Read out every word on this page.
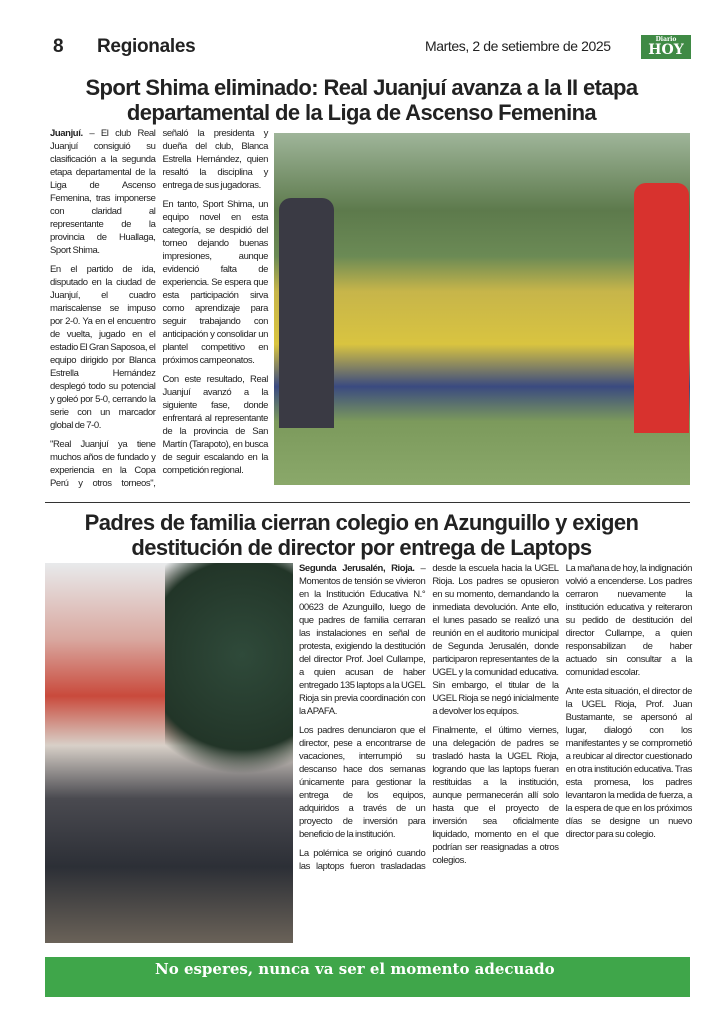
8 Regionales	Martes, 2 de setiembre de 2025	Diario
HOY
Sport Shima eliminado: Real Juanjuí avanza a la II etapa departamental de la Liga de Ascenso Femenina

Juanjuí. – El club Real Juanjuí consiguió su clasificación a la segunda etapa departamental de la Liga de Ascenso Femenina, tras imponerse con claridad al representante de la provincia de Huallaga, Sport Shima.

En el partido de ida, disputado en la ciudad de Juanjuí, el cuadro mariscalense se impuso por 2-0. Ya en el encuentro de vuelta, jugado en el estadio El Gran Saposoa, el equipo dirigido por Blanca Estrella Hernández desplegó todo su potencial y goleó por 5-0, cerrando la serie con un marcador global de 7-0.

"Real Juanjuí ya tiene muchos años de fundado y experiencia en la Copa Perú y otros torneos", señaló la presidenta y dueña del club, Blanca Estrella Hernández, quien resaltó la disciplina y entrega de sus jugadoras.

En tanto, Sport Shima, un equipo novel en esta categoría, se despidió del torneo dejando buenas impresiones, aunque evidenció falta de experiencia. Se espera que esta participación sirva como aprendizaje para seguir trabajando con anticipación y consolidar un plantel competitivo en próximos campeonatos.

Con este resultado, Real Juanjuí avanzó a la siguiente fase, donde enfrentará al representante de la provincia de San Martín (Tarapoto), en busca de seguir escalando en la competición regional.

Padres de familia cierran colegio en Azunguillo y exigen destitución de director por entrega de Laptops

Segunda Jerusalén, Rioja. – Momentos de tensión se vivieron en la Institución Educativa N.° 00623 de Azunguillo, luego de que padres de familia cerraran las instalaciones en señal de protesta, exigiendo la destitución del director Prof. Joel Cullampe, a quien acusan de haber entregado 135 laptops a la UGEL Rioja sin previa coordinación con la APAFA.

Los padres denunciaron que el director, pese a encontrarse de vacaciones, interrumpió su descanso hace dos semanas únicamente para gestionar la entrega de los equipos, adquiridos a través de un proyecto de inversión para beneficio de la institución.

La polémica se originó cuando las laptops fueron trasladadas desde la escuela hacia la UGEL Rioja. Los padres se opusieron en su momento, demandando la inmediata devolución. Ante ello, el lunes pasado se realizó una reunión en el auditorio municipal de Segunda Jerusalén, donde participaron representantes de la UGEL y la comunidad educativa. Sin embargo, el titular de la UGEL Rioja se negó inicialmente a devolver los equipos.

Finalmente, el último viernes, una delegación de padres se trasladó hasta la UGEL Rioja, logrando que las laptops fueran restituidas a la institución, aunque permanecerán allí solo hasta que el proyecto de inversión sea oficialmente liquidado, momento en el que podrían ser reasignadas a otros colegios.

La mañana de hoy, la indignación volvió a encenderse. Los padres cerraron nuevamente la institución educativa y reiteraron su pedido de destitución del director Cullampe, a quien responsabilizan de haber actuado sin consultar a la comunidad escolar.

Ante esta situación, el director de la UGEL Rioja, Prof. Juan Bustamante, se apersonó al lugar, dialogó con los manifestantes y se comprometió a reubicar al director cuestionado en otra institución educativa. Tras esta promesa, los padres levantaron la medida de fuerza, a la espera de que en los próximos días se designe un nuevo director para su colegio.

No esperes, nunca va ser el momento adecuado
